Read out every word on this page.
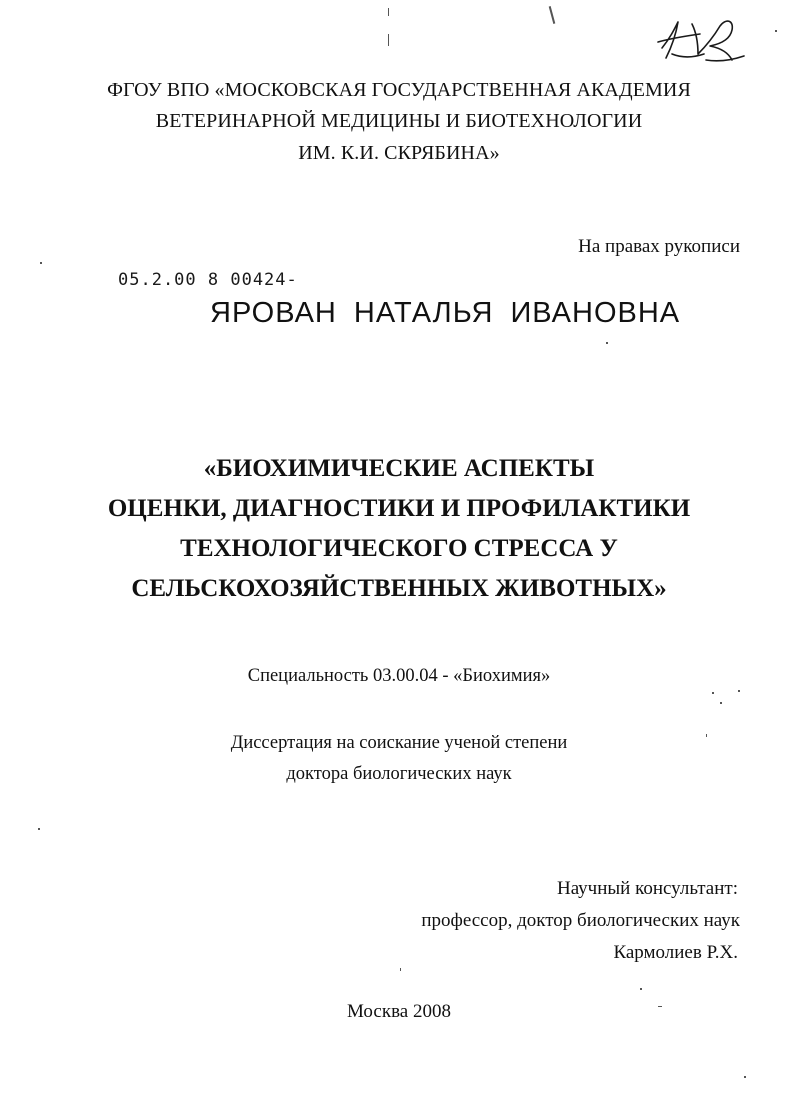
ФГОУ ВПО «МОСКОВСКАЯ ГОСУДАРСТВЕННАЯ АКАДЕМИЯ
ВЕТЕРИНАРНОЙ МЕДИЦИНЫ И БИОТЕХНОЛОГИИ
ИМ. К.И. СКРЯБИНА»
На правах рукописи
05.2.00 8 00424-
ЯРОВАН НАТАЛЬЯ ИВАНОВНА
«БИОХИМИЧЕСКИЕ АСПЕКТЫ
ОЦЕНКИ, ДИАГНОСТИКИ И ПРОФИЛАКТИКИ
ТЕХНОЛОГИЧЕСКОГО СТРЕССА У
СЕЛЬСКОХОЗЯЙСТВЕННЫХ ЖИВОТНЫХ»
Специальность 03.00.04 - «Биохимия»
Диссертация на соискание ученой степени
доктора биологических наук
Научный консультант:
профессор, доктор биологических наук
Кармолиев Р.Х.
Москва 2008
